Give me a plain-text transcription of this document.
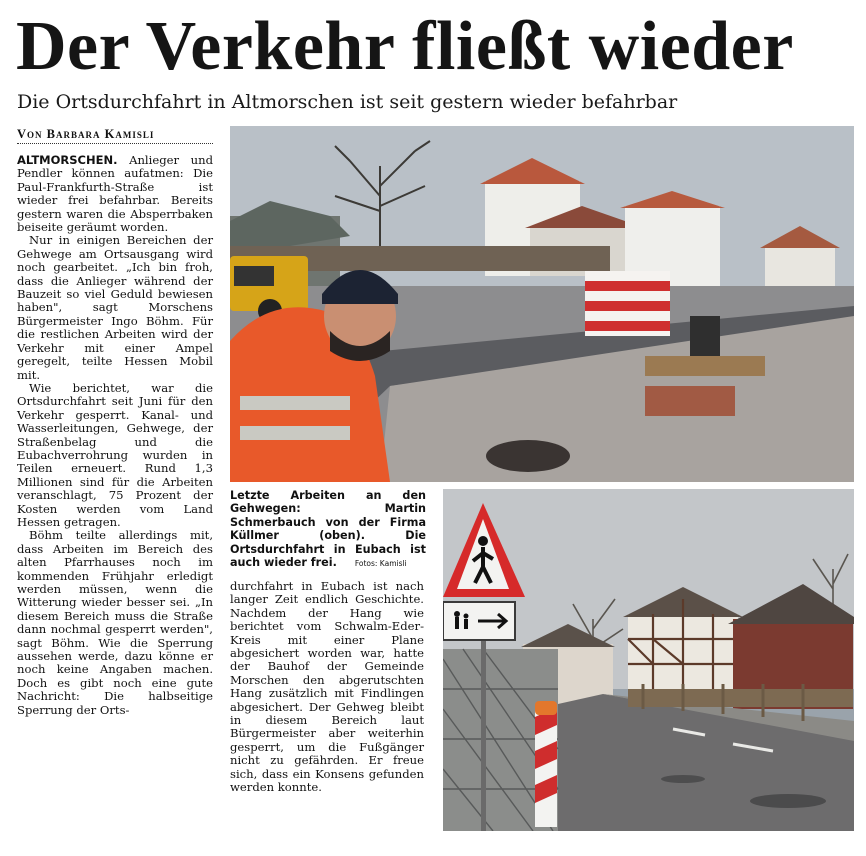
Der Verkehr fließt wieder
Die Ortsdurchfahrt in Altmorschen ist seit gestern wieder befahrbar
Von Barbara Kamisli

ALTMORSCHEN. Anlieger und Pendler können aufatmen: Die Paul-Frankfurth-Straße ist wieder frei befahrbar. Bereits gestern waren die Absperrbaken beiseite geräumt worden.

Nur in einigen Bereichen der Gehwege am Ortsausgang wird noch gearbeitet. „Ich bin froh, dass die Anlieger während der Bauzeit so viel Geduld bewiesen haben", sagt Morschens Bürgermeister Ingo Böhm. Für die restlichen Arbeiten wird der Verkehr mit einer Ampel geregelt, teilte Hessen Mobil mit.

Wie berichtet, war die Ortsdurchfahrt seit Juni für den Verkehr gesperrt. Kanal- und Wasserleitungen, Gehwege, der Straßenbelag und die Eubachverrohrung wurden in Teilen erneuert. Rund 1,3 Millionen sind für die Arbeiten veranschlagt, 75 Prozent der Kosten werden vom Land Hessen getragen.

Böhm teilte allerdings mit, dass Arbeiten im Bereich des alten Pfarrhauses noch im kommenden Frühjahr erledigt werden müssen, wenn die Witterung wieder besser sei. „In diesem Bereich muss die Straße dann nochmal gesperrt werden", sagt Böhm. Wie die Sperrung aussehen werde, dazu könne er noch keine Angaben machen. Doch es gibt noch eine gute Nachricht: Die halbseitige Sperrung der Orts-

Letzte Arbeiten an den Gehwegen: Martin Schmerbauch von der Firma Küllmer (oben). Die Ortsdurchfahrt in Eubach ist auch wieder frei. Fotos: Kamisli

durchfahrt in Eubach ist nach langer Zeit endlich Geschichte. Nachdem der Hang wie berichtet vom Schwalm-Eder-Kreis mit einer Plane abgesichert worden war, hatte der Bauhof der Gemeinde Morschen den abgerutschten Hang zusätzlich mit Findlingen abgesichert. Der Gehweg bleibt in diesem Bereich laut Bürgermeister aber weiterhin gesperrt, um die Fußgänger nicht zu gefährden. Er freue sich, dass ein Konsens gefunden werden konnte.
